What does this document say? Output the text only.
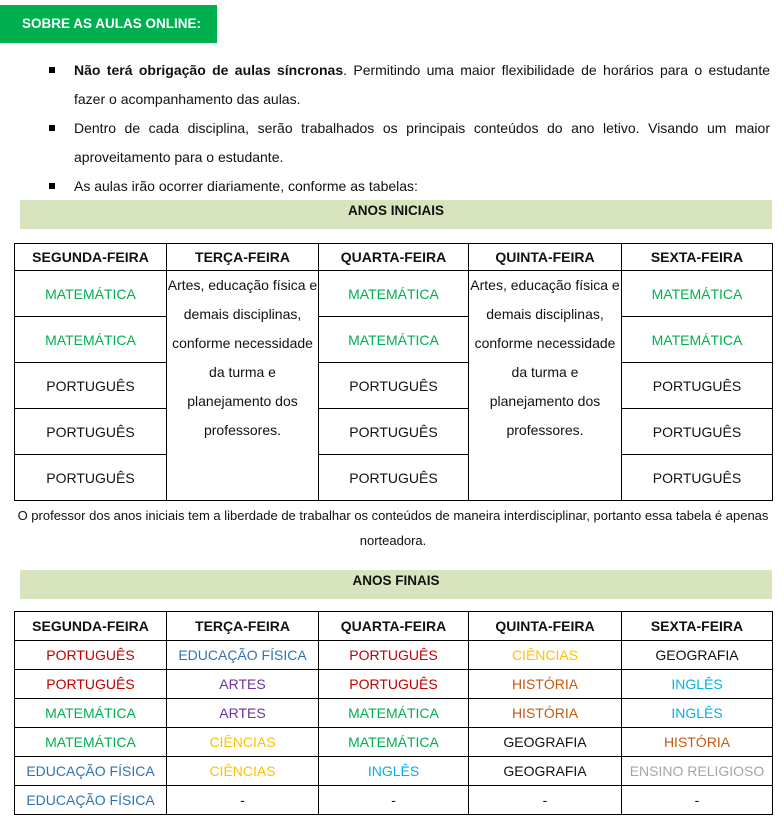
SOBRE AS AULAS ONLINE:
Não terá obrigação de aulas síncronas. Permitindo uma maior flexibilidade de horários para o estudante fazer o acompanhamento das aulas.
Dentro de cada disciplina, serão trabalhados os principais conteúdos do ano letivo. Visando um maior aproveitamento para o estudante.
As aulas irão ocorrer diariamente, conforme as tabelas:
ANOS INICIAIS
SEGUNDA-FEIRA	TERÇA-FEIRA	QUARTA-FEIRA	QUINTA-FEIRA	SEXTA-FEIRA
MATEMÁTICA	Artes, educação física e demais disciplinas, conforme necessidade da turma e planejamento dos professores.	MATEMÁTICA	Artes, educação física e demais disciplinas, conforme necessidade da turma e planejamento dos professores.	MATEMÁTICA
MATEMÁTICA		MATEMÁTICA		MATEMÁTICA
PORTUGUÊS		PORTUGUÊS		PORTUGUÊS
PORTUGUÊS		PORTUGUÊS		PORTUGUÊS
PORTUGUÊS		PORTUGUÊS		PORTUGUÊS
O professor dos anos iniciais tem a liberdade de trabalhar os conteúdos de maneira interdisciplinar, portanto essa tabela é apenas norteadora.
ANOS FINAIS
SEGUNDA-FEIRA	TERÇA-FEIRA	QUARTA-FEIRA	QUINTA-FEIRA	SEXTA-FEIRA
PORTUGUÊS	EDUCAÇÃO FÍSICA	PORTUGUÊS	CIÊNCIAS	GEOGRAFIA
PORTUGUÊS	ARTES	PORTUGUÊS	HISTÓRIA	INGLÊS
MATEMÁTICA	ARTES	MATEMÁTICA	HISTÓRIA	INGLÊS
MATEMÁTICA	CIÊNCIAS	MATEMÁTICA	GEOGRAFIA	HISTÓRIA
EDUCAÇÃO FÍSICA	CIÊNCIAS	INGLÊS	GEOGRAFIA	ENSINO RELIGIOSO
EDUCAÇÃO FÍSICA	-	-	-	-
